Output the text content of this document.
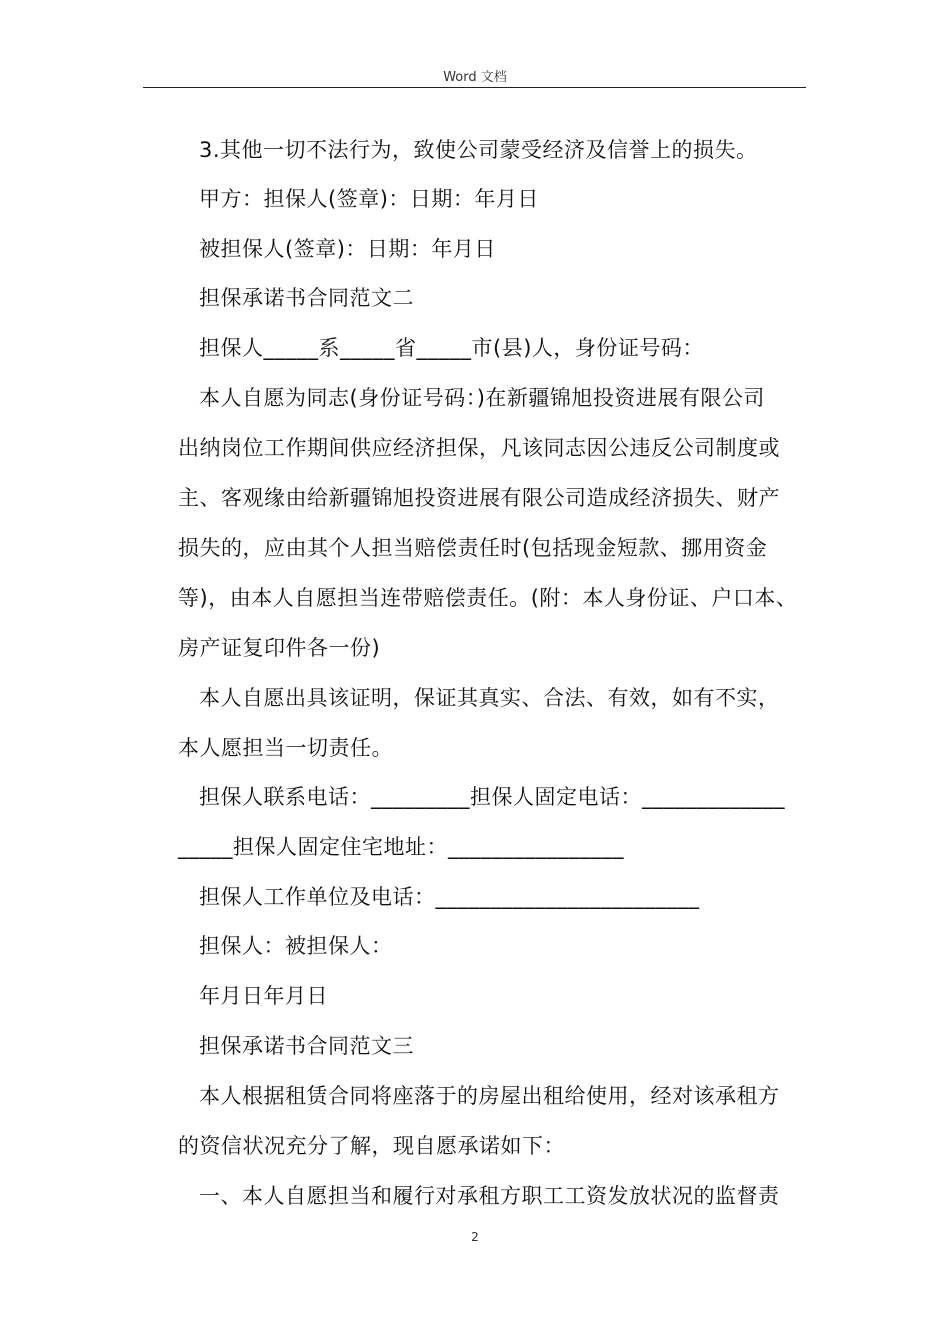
Word 文档
3.其他一切不法行为，致使公司蒙受经济及信誉上的损失。
甲方：担保人(签章)：日期：年月日
被担保人(签章)：日期：年月日
担保承诺书合同范文二
担保人_____系_____省_____市(县)人，身份证号码：
本人自愿为同志(身份证号码：)在新疆锦旭投资进展有限公司
出纳岗位工作期间供应经济担保，凡该同志因公违反公司制度或
主、客观缘由给新疆锦旭投资进展有限公司造成经济损失、财产
损失的，应由其个人担当赔偿责任时(包括现金短款、挪用资金
等)，由本人自愿担当连带赔偿责任。(附：本人身份证、户口本、
房产证复印件各一份)
本人自愿出具该证明，保证其真实、合法、有效，如有不实，
本人愿担当一切责任。
担保人联系电话：_________担保人固定电话：_____________
_____担保人固定住宅地址：________________
担保人工作单位及电话：________________________
担保人：被担保人：
年月日年月日
担保承诺书合同范文三
本人根据租赁合同将座落于的房屋出租给使用，经对该承租方
的资信状况充分了解，现自愿承诺如下：
一、本人自愿担当和履行对承租方职工工资发放状况的监督责
2
